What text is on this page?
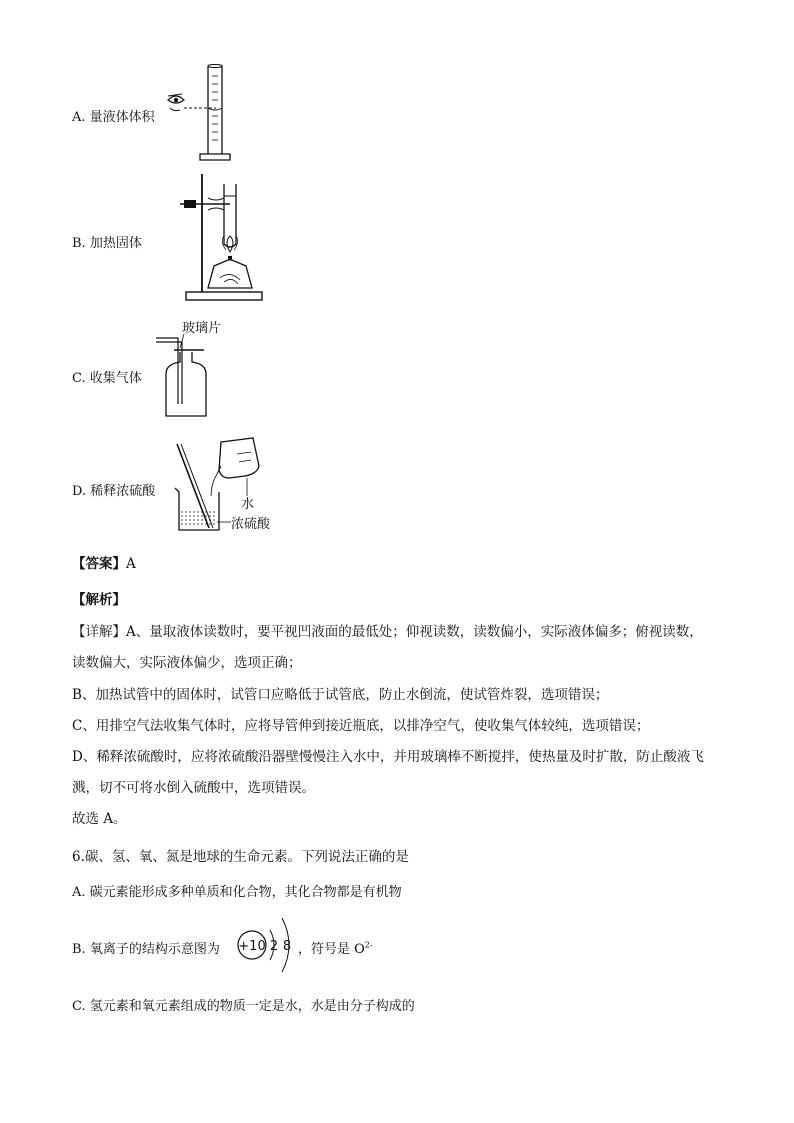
A. 量液体体积
B. 加热固体
C. 收集气体
玻璃片
D. 稀释浓硫酸
水
浓硫酸
【答案】A
【解析】
【详解】A、量取液体读数时，要平视凹液面的最低处；仰视读数，读数偏小，实际液体偏多；俯视读数，
读数偏大，实际液体偏少，选项正确；
B、加热试管中的固体时，试管口应略低于试管底，防止水倒流，使试管炸裂，选项错误；
C、用排空气法收集气体时，应将导管伸到接近瓶底，以排净空气，使收集气体较纯，选项错误；
D、稀释浓硫酸时，应将浓硫酸沿器壁慢慢注入水中，并用玻璃棒不断搅拌，使热量及时扩散，防止酸液飞
溅，切不可将水倒入硫酸中，选项错误。
故选 A。
6.碳、氢、氧、氮是地球的生命元素。下列说法正确的是
A. 碳元素能形成多种单质和化合物，其化合物都是有机物
B. 氧离子的结构示意图为 +10 2 8 ，符号是 $O^{2-}$
C. 氢元素和氧元素组成的物质一定是水，水是由分子构成的
